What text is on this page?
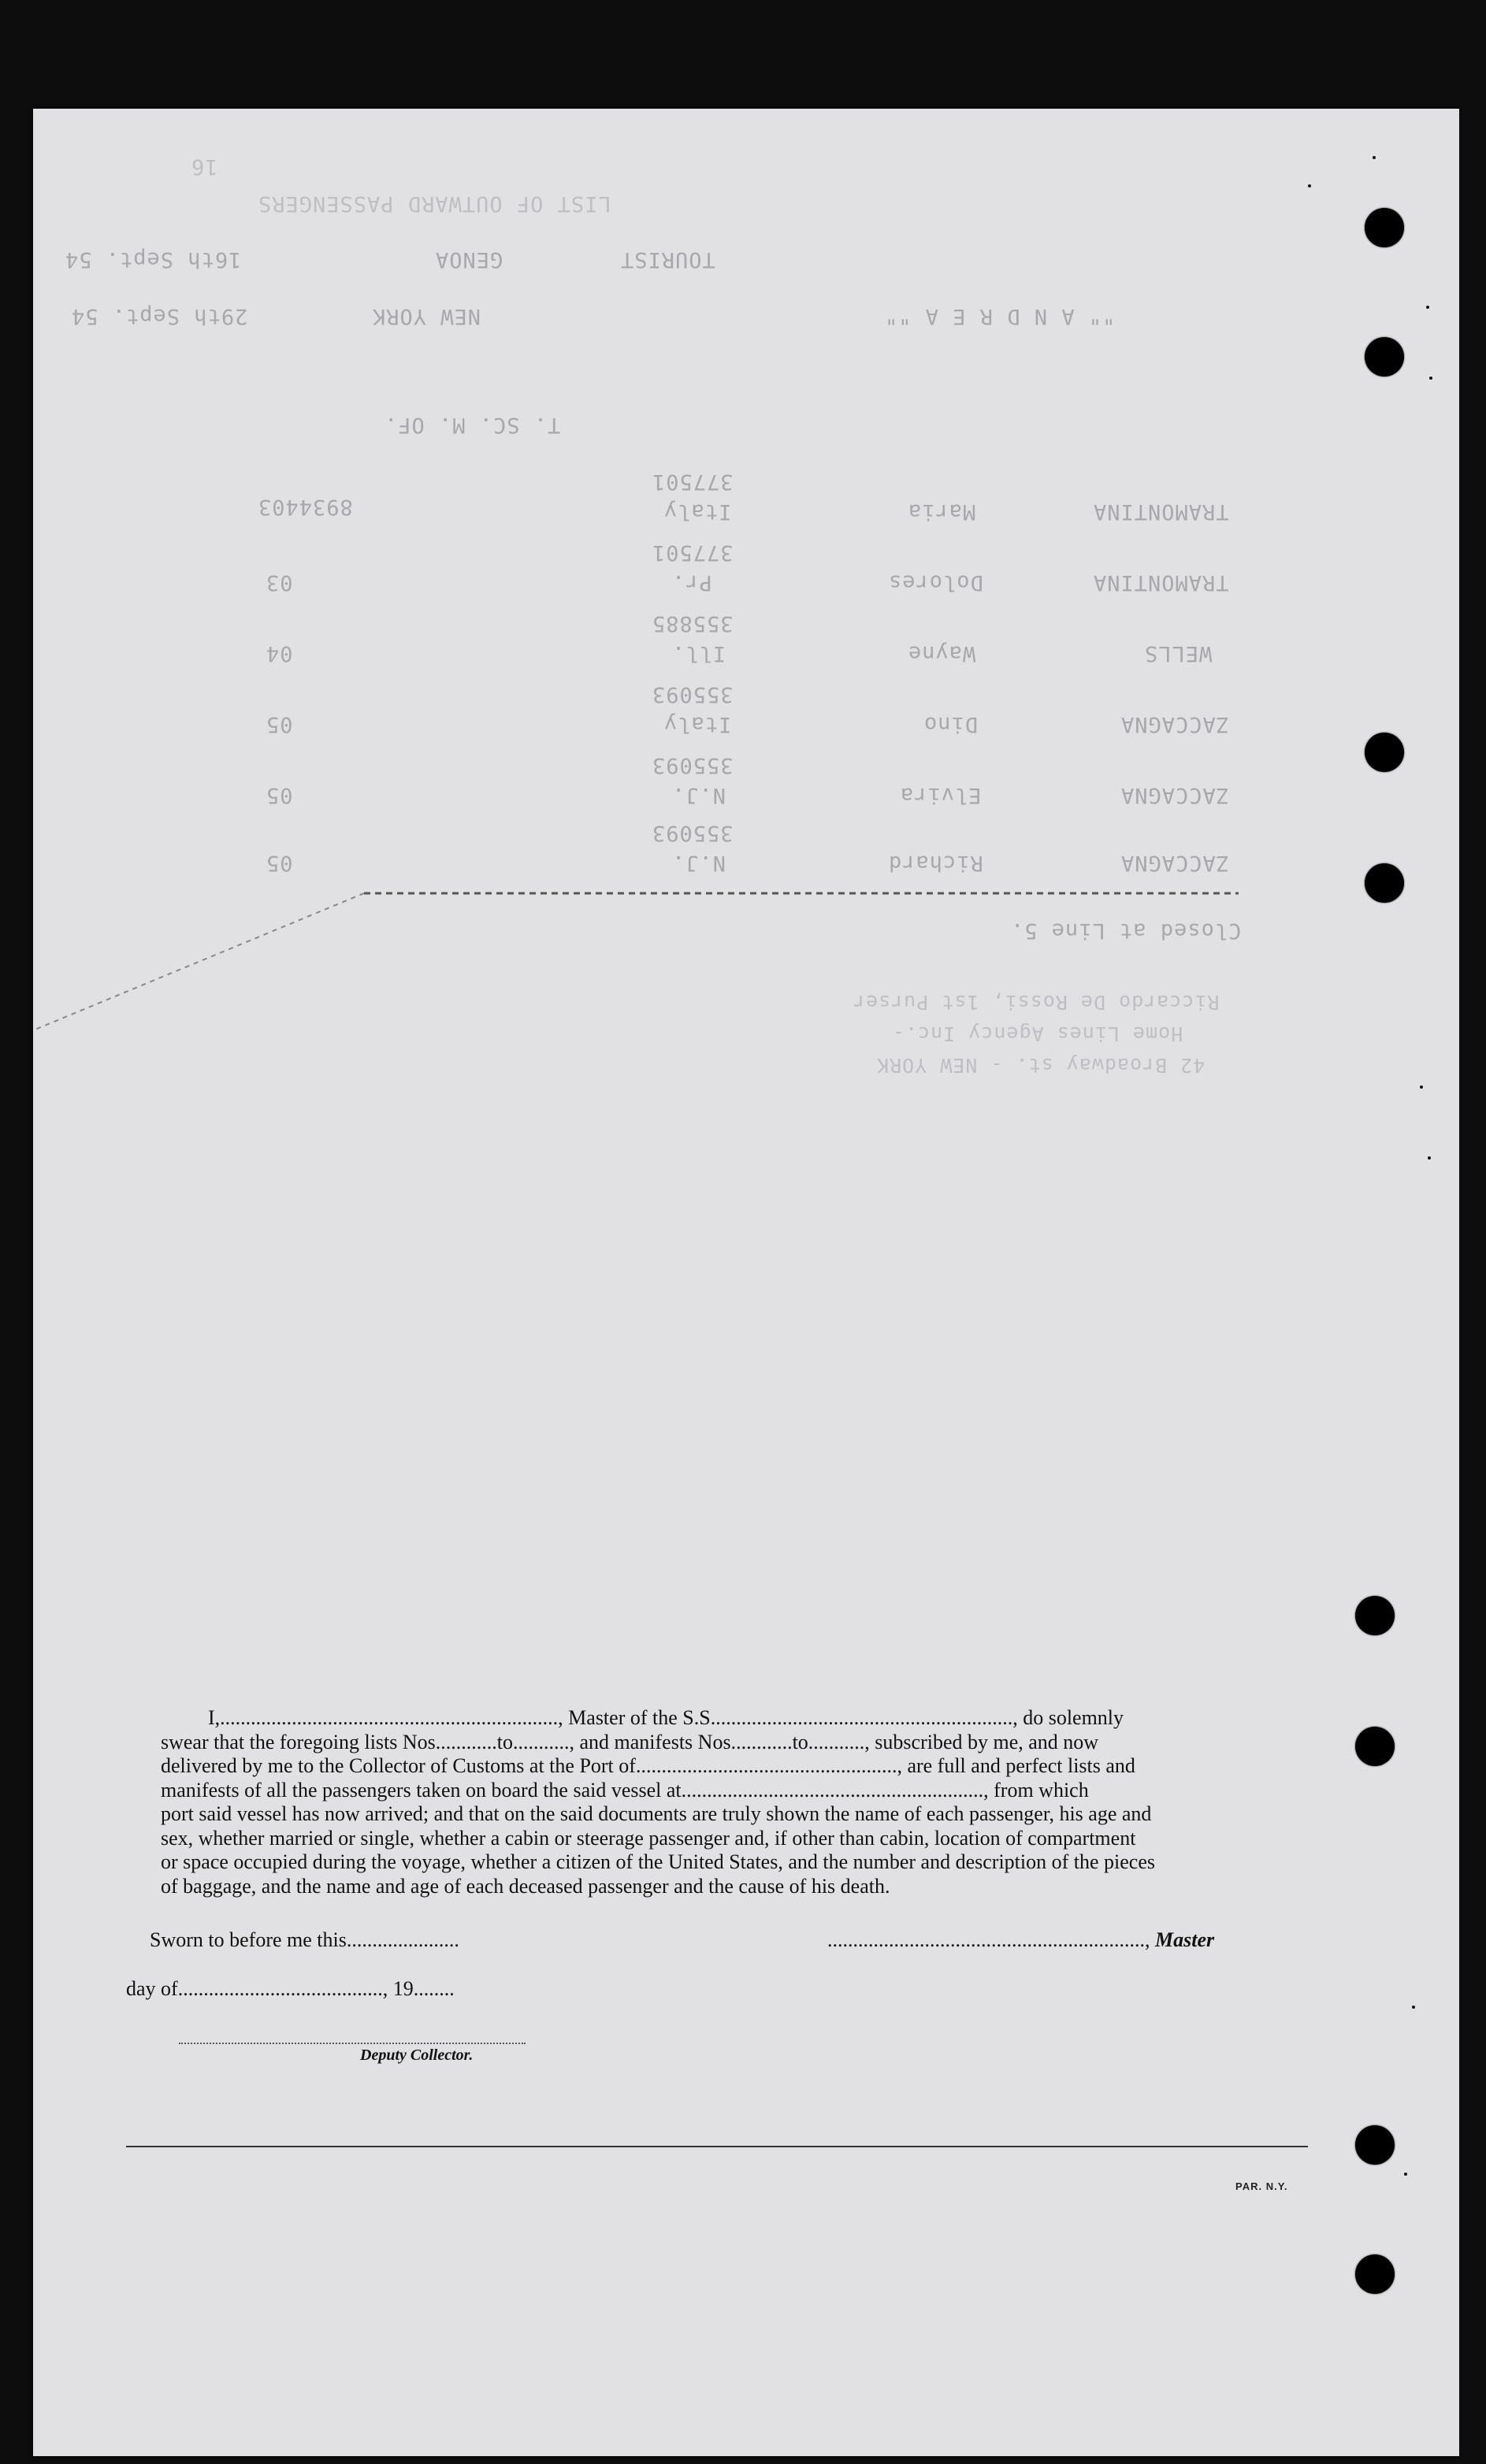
16
LIST OF OUTWARD PASSENGERS
TOURIST
GENOA
16th Sept. 54
NEW YORK
29th Sept. 54	"" A N D R E A ""
T. SC. M. OF.
TRAMONTINA
Maria
377501
Italy
8934403
TRAMONTINA
Dolores
377501
Pr.
03
WELLS
Wayne
355885
Ill.
04
ZACCAGNA
Dino
355093
Italy
05
ZACCAGNA
Elvira
355093
N.J.
05
ZACCAGNA
Richard
355093
N.J.
05
Closed at Line 5.
Riccardo De Rossi, 1st Purser
Home Lines Agency Inc.-
42 Broadway st. - NEW YORK

I,.................................................................., Master of the S.S..........................................................., do solemnly

swear that the foregoing lists Nos............to..........., and manifests Nos............to..........., subscribed by me, and now

delivered by me to the Collector of Customs at the Port of..................................................., are full and perfect lists and

manifests of all the passengers taken on board the said vessel at..........................................................., from which

port said vessel has now arrived; and that on the said documents are truly shown the name of each passenger, his age and

sex, whether married or single, whether a cabin or steerage passenger and, if other than cabin, location of compartment

or space occupied during the voyage, whether a citizen of the United States, and the number and description of the pieces

of baggage, and the name and age of each deceased passenger and the cause of his death.

Sworn to before me this......................	.............................................................., Master
day of........................................, 19........
Deputy Collector.
PAR. N.Y.
